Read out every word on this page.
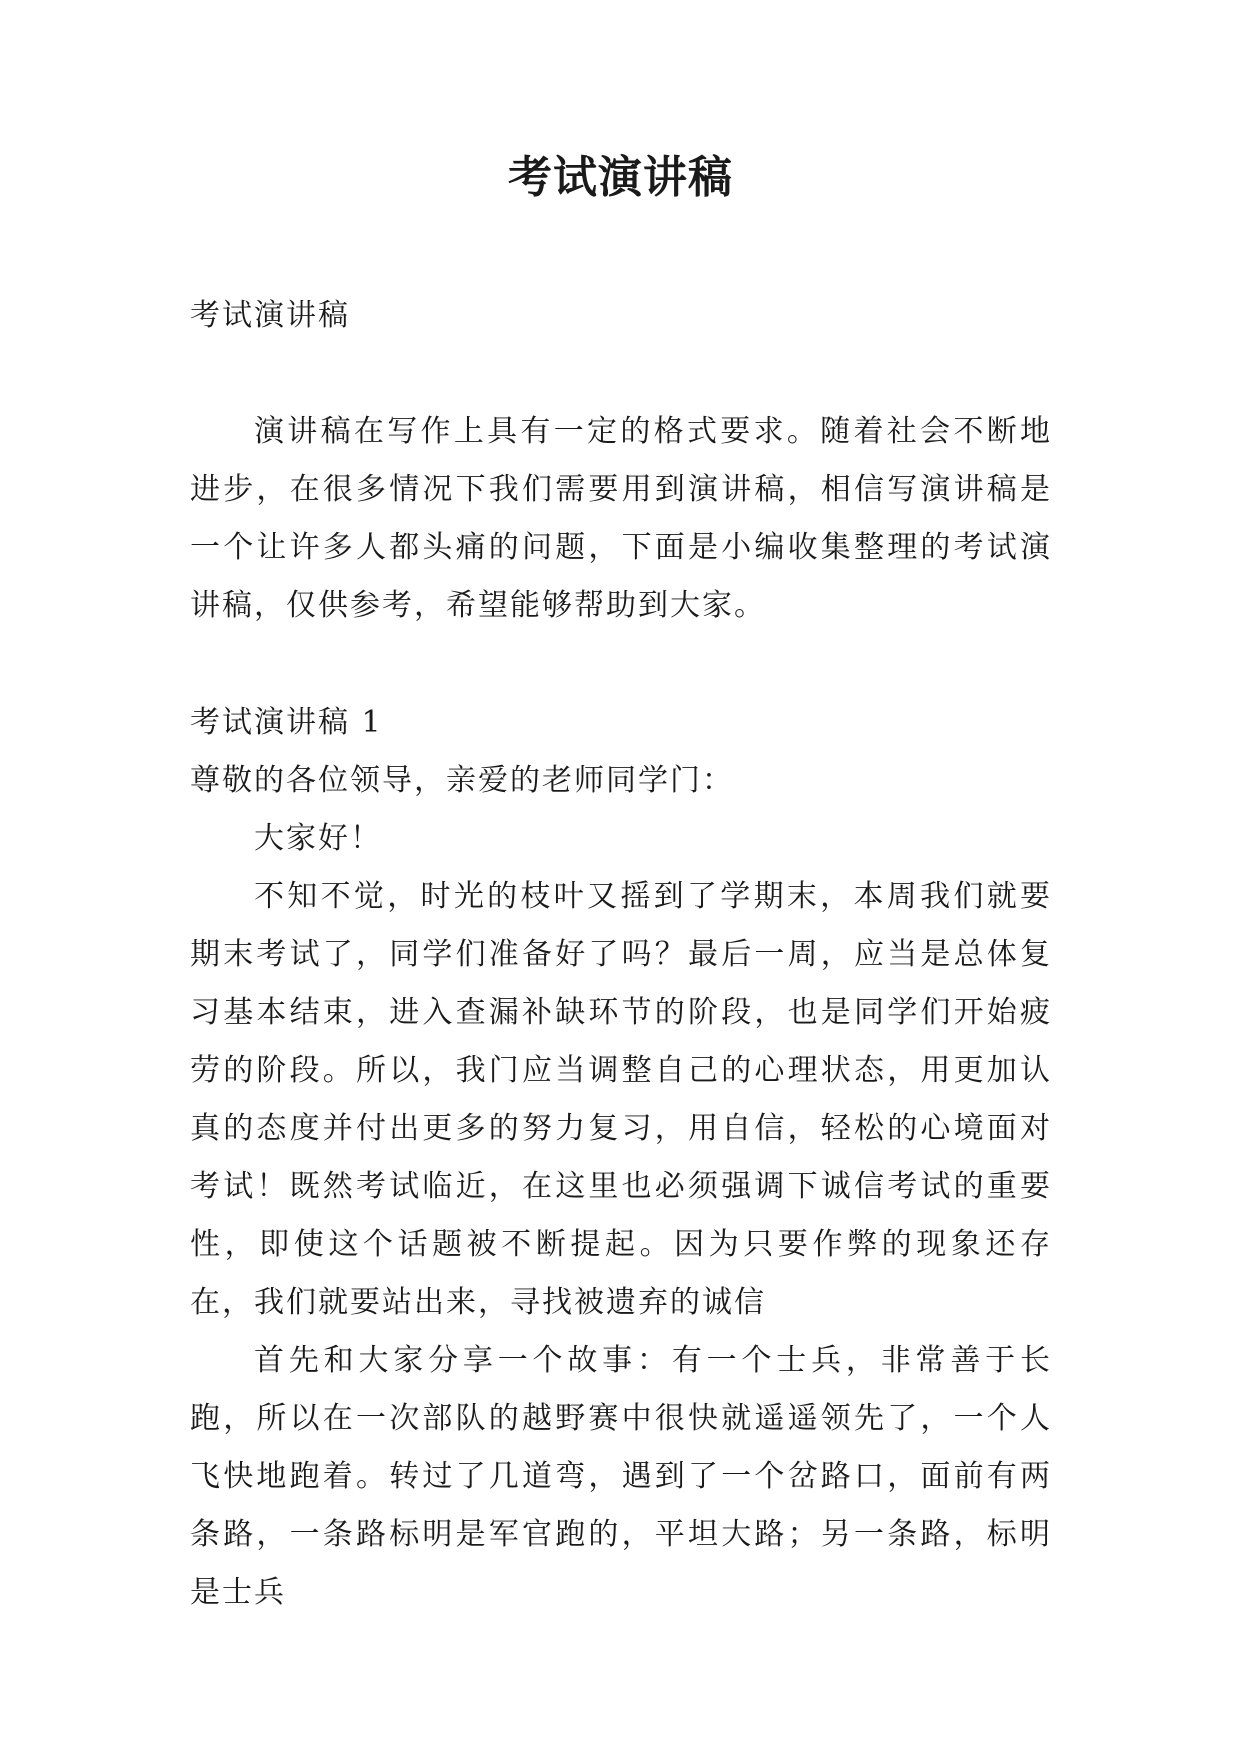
考试演讲稿

考试演讲稿

演讲稿在写作上具有一定的格式要求。随着社会不断地进步，在很多情况下我们需要用到演讲稿，相信写演讲稿是一个让许多人都头痛的问题，下面是小编收集整理的考试演讲稿，仅供参考，希望能够帮助到大家。

考试演讲稿 1

尊敬的各位领导，亲爱的老师同学门：

大家好！

不知不觉，时光的枝叶又摇到了学期末，本周我们就要期末考试了，同学们准备好了吗？最后一周，应当是总体复习基本结束，进入查漏补缺环节的阶段，也是同学们开始疲劳的阶段。所以，我门应当调整自己的心理状态，用更加认真的态度并付出更多的努力复习，用自信，轻松的心境面对考试！既然考试临近，在这里也必须强调下诚信考试的重要性，即使这个话题被不断提起。因为只要作弊的现象还存在，我们就要站出来，寻找被遗弃的诚信

首先和大家分享一个故事：有一个士兵，非常善于长跑，所以在一次部队的越野赛中很快就遥遥领先了，一个人飞快地跑着。转过了几道弯，遇到了一个岔路口，面前有两条路，一条路标明是军官跑的，平坦大路；另一条路，标明是士兵
